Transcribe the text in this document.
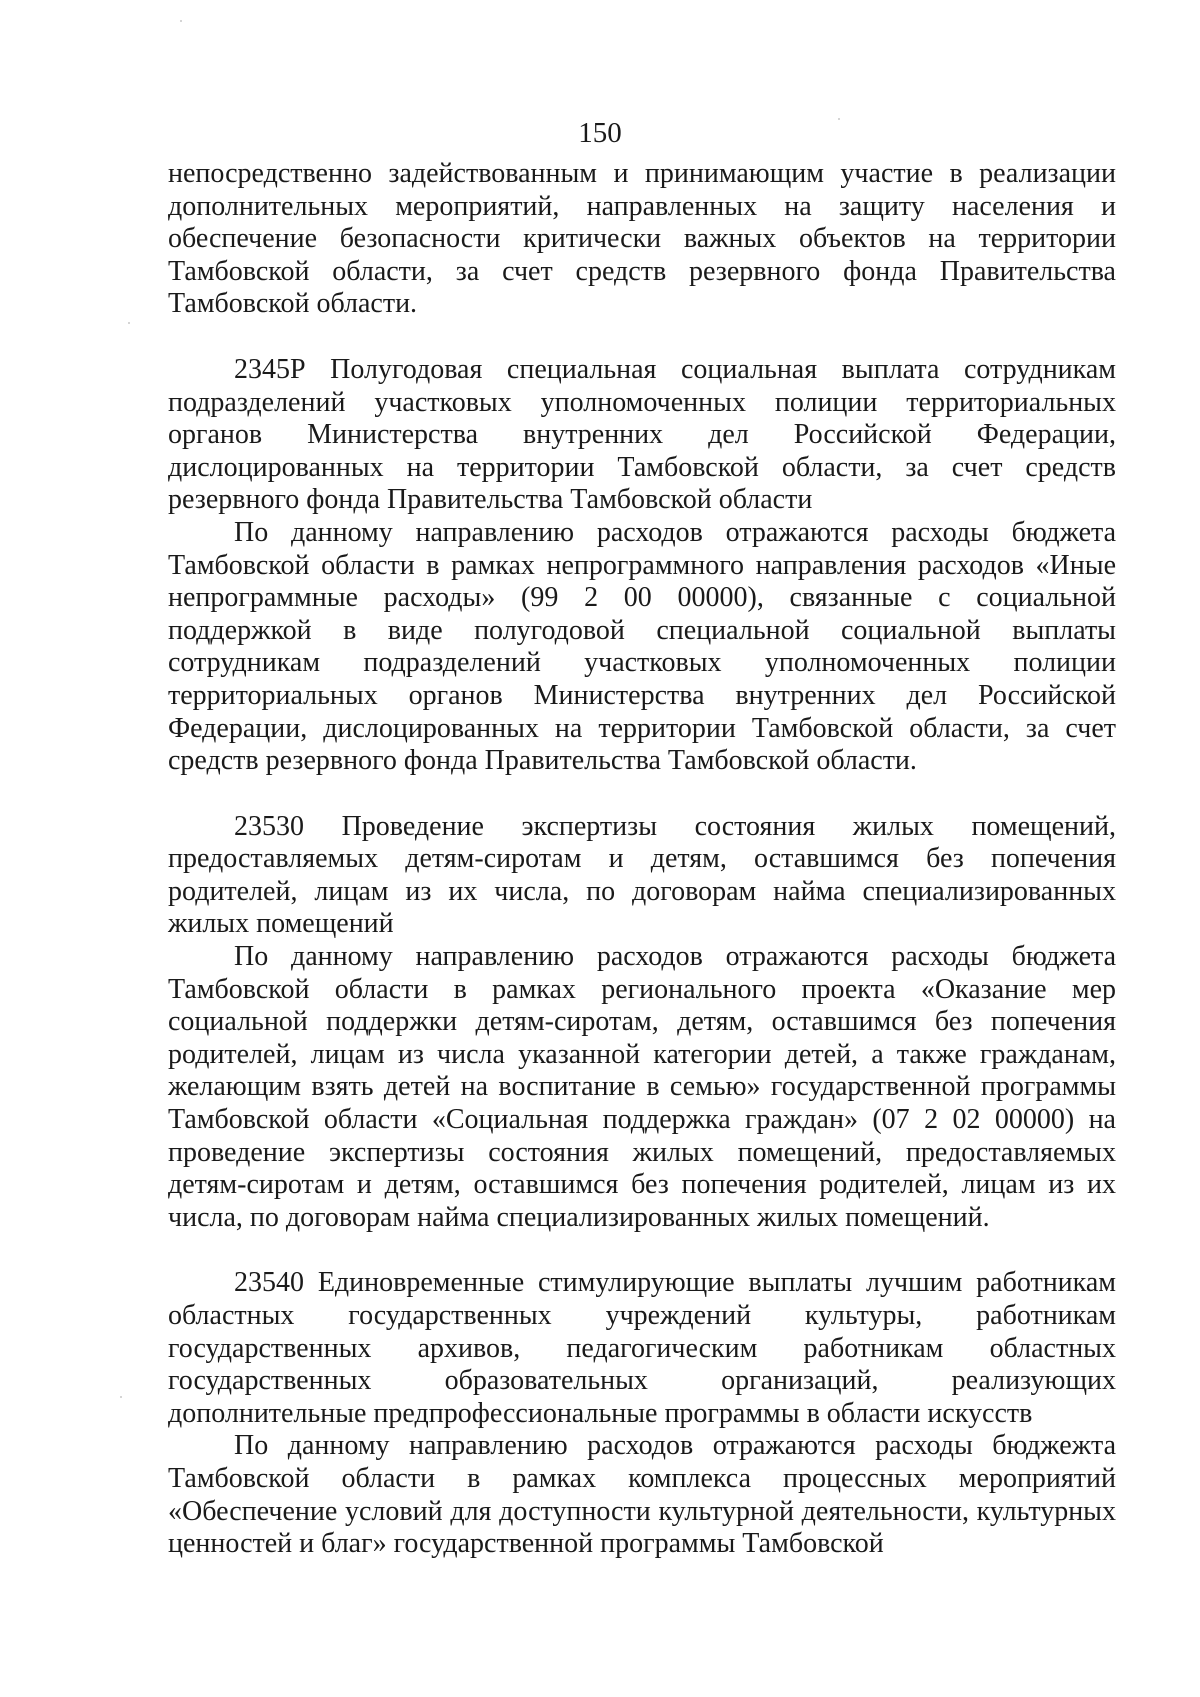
150

непосредственно задействованным и принимающим участие в реализации дополнительных мероприятий, направленных на защиту населения и обеспечение безопасности критически важных объектов на территории Тамбовской области, за счет средств резервного фонда Правительства Тамбовской области.

2345Р Полугодовая специальная социальная выплата сотрудникам подразделений участковых уполномоченных полиции территориальных органов Министерства внутренних дел Российской Федерации, дислоцированных на территории Тамбовской области, за счет средств резервного фонда Правительства Тамбовской области

По данному направлению расходов отражаются расходы бюджета Тамбовской области в рамках непрограммного направления расходов «Иные непрограммные расходы» (99 2 00 00000), связанные с социальной поддержкой в виде полугодовой специальной социальной выплаты сотрудникам подразделений участковых уполномоченных полиции территориальных органов Министерства внутренних дел Российской Федерации, дислоцированных на территории Тамбовской области, за счет средств резервного фонда Правительства Тамбовской области.

23530 Проведение экспертизы состояния жилых помещений, предоставляемых детям-сиротам и детям, оставшимся без попечения родителей, лицам из их числа, по договорам найма специализированных жилых помещений

По данному направлению расходов отражаются расходы бюджета Тамбовской области в рамках регионального проекта «Оказание мер социальной поддержки детям-сиротам, детям, оставшимся без попечения родителей, лицам из числа указанной категории детей, а также гражданам, желающим взять детей на воспитание в семью» государственной программы Тамбовской области «Социальная поддержка граждан» (07 2 02 00000) на проведение экспертизы состояния жилых помещений, предоставляемых детям-сиротам и детям, оставшимся без попечения родителей, лицам из их числа, по договорам найма специализированных жилых помещений.

23540 Единовременные стимулирующие выплаты лучшим работникам областных государственных учреждений культуры, работникам государственных архивов, педагогическим работникам областных государственных образовательных организаций, реализующих дополнительные предпрофессиональные программы в области искусств

По данному направлению расходов отражаются расходы бюджежта Тамбовской области в рамках комплекса процессных мероприятий «Обеспечение условий для доступности культурной деятельности, культурных ценностей и благ» государственной программы Тамбовской
